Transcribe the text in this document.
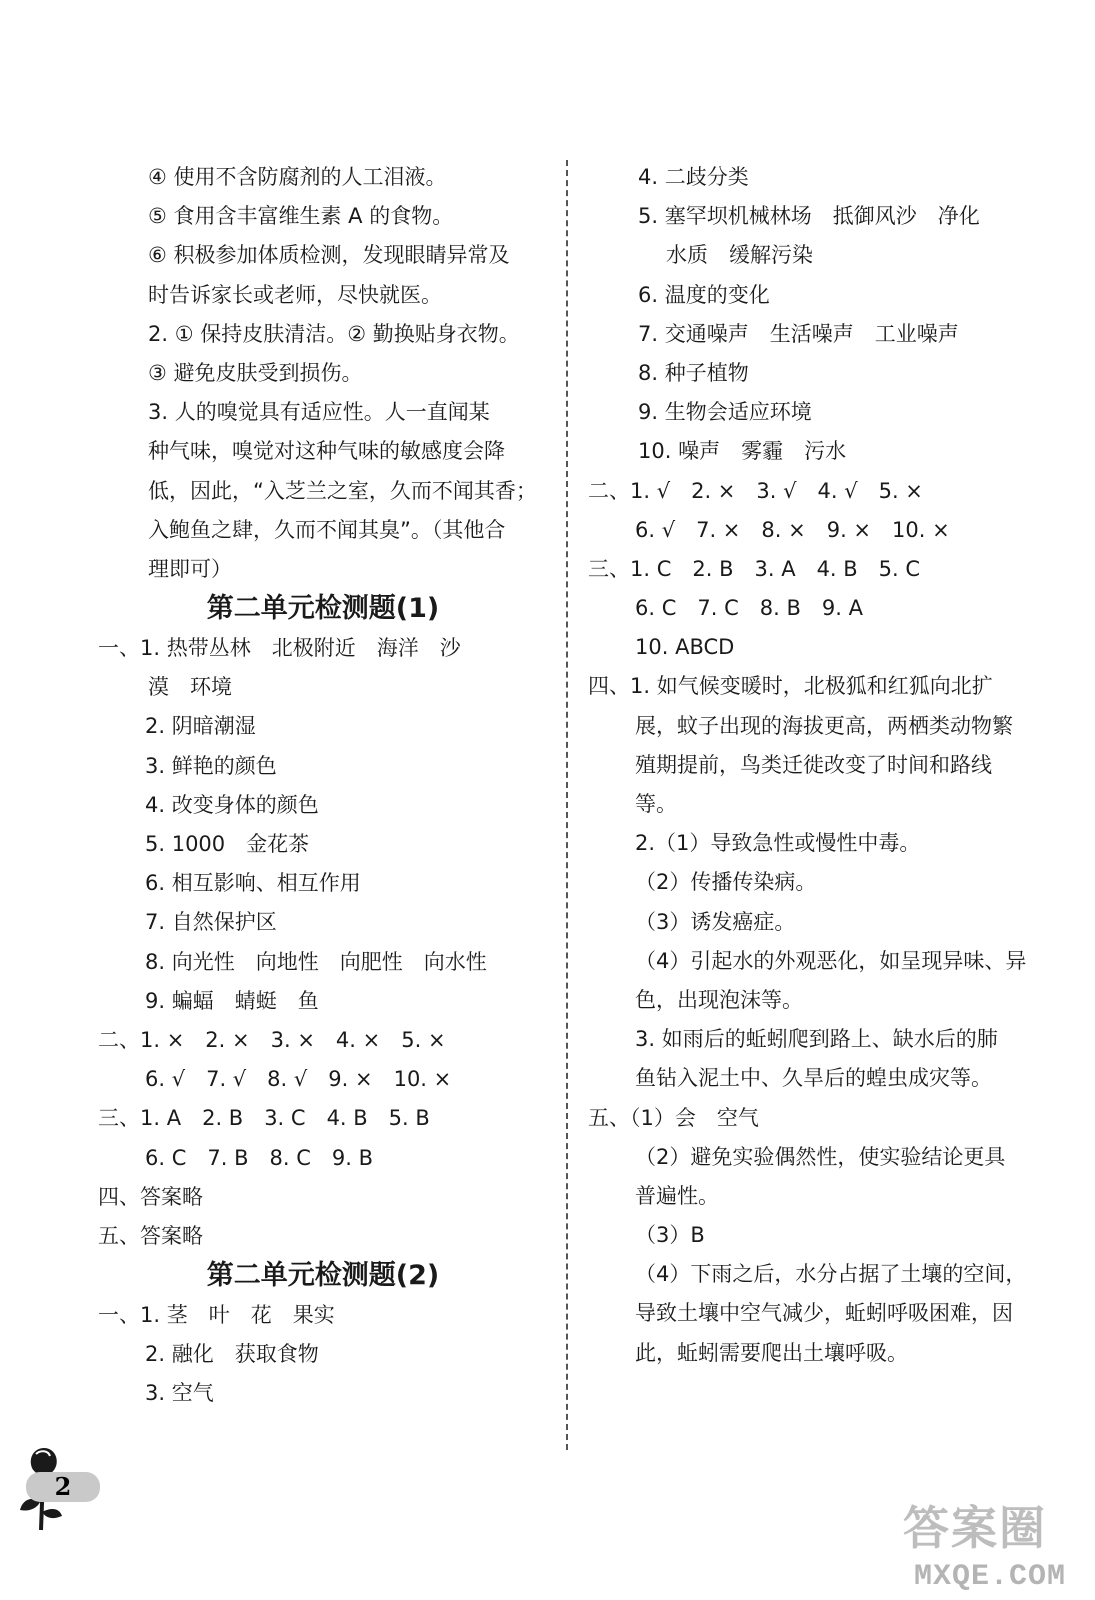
④ 使用不含防腐剂的人工泪液。
⑤ 食用含丰富维生素 A 的食物。
⑥ 积极参加体质检测，发现眼睛异常及
时告诉家长或老师，尽快就医。
2. ① 保持皮肤清洁。② 勤换贴身衣物。
③ 避免皮肤受到损伤。
3. 人的嗅觉具有适应性。人一直闻某
种气味，嗅觉对这种气味的敏感度会降
低，因此，“入芝兰之室，久而不闻其香；
入鲍鱼之肆，久而不闻其臭”。（其他合
理即可）
第二单元检测题(1)
一、1. 热带丛林　北极附近　海洋　沙
漠　环境
2. 阴暗潮湿
3. 鲜艳的颜色
4. 改变身体的颜色
5. 1000　金花茶
6. 相互影响、相互作用
7. 自然保护区
8. 向光性　向地性　向肥性　向水性
9. 蝙蝠　蜻蜓　鱼
二、1. ×　2. ×　3. ×　4. ×　5. ×
6. √　7. √　8. √　9. ×　10. ×
三、1. A　2. B　3. C　4. B　5. B
6. C　7. B　8. C　9. B
四、答案略
五、答案略
第二单元检测题(2)
一、1. 茎　叶　花　果实
2. 融化　获取食物
3. 空气
4. 二歧分类
5. 塞罕坝机械林场　抵御风沙　净化
水质　缓解污染
6. 温度的变化
7. 交通噪声　生活噪声　工业噪声
8. 种子植物
9. 生物会适应环境
10. 噪声　雾霾　污水
二、1. √　2. ×　3. √　4. √　5. ×
6. √　7. ×　8. ×　9. ×　10. ×
三、1. C　2. B　3. A　4. B　5. C
6. C　7. C　8. B　9. A
10. ABCD
四、1. 如气候变暖时，北极狐和红狐向北扩
展，蚊子出现的海拔更高，两栖类动物繁
殖期提前，鸟类迁徙改变了时间和路线
等。
2.（1）导致急性或慢性中毒。
（2）传播传染病。
（3）诱发癌症。
（4）引起水的外观恶化，如呈现异味、异
色，出现泡沫等。
3. 如雨后的蚯蚓爬到路上、缺水后的肺
鱼钻入泥土中、久旱后的蝗虫成灾等。
五、（1）会　空气
（2）避免实验偶然性，使实验结论更具
普遍性。
（3）B
（4）下雨之后，水分占据了土壤的空间，
导致土壤中空气减少，蚯蚓呼吸困难，因
此，蚯蚓需要爬出土壤呼吸。
2
答案圈
MXQE.COM
